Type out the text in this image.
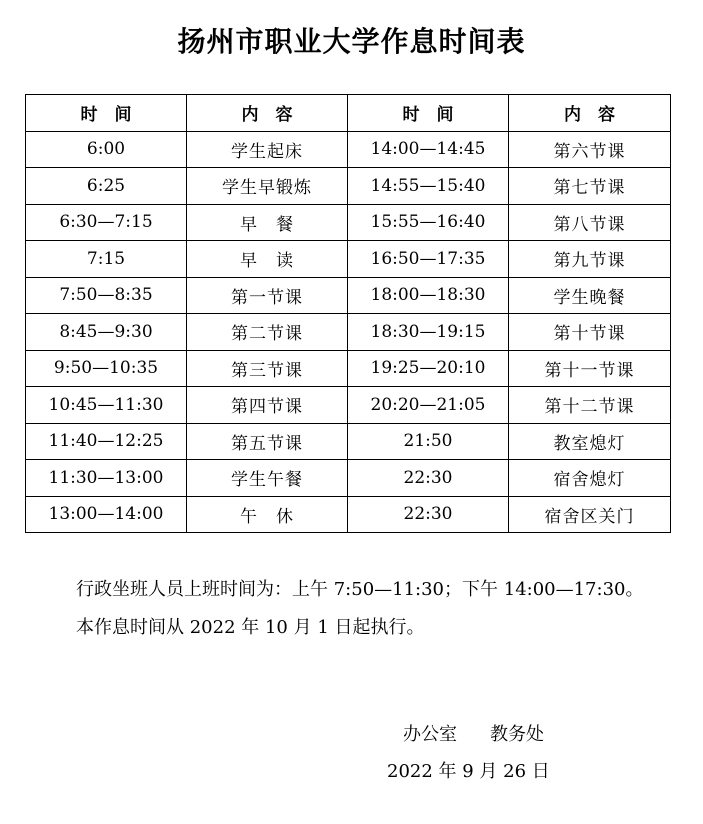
扬州市职业大学作息时间表
时　间	内　容	时　间	内　容
6:00	学生起床	14:00—14:45	第六节课
6:25	学生早锻炼	14:55—15:40	第七节课
6:30—7:15	早　餐	15:55—16:40	第八节课
7:15	早　读	16:50—17:35	第九节课
7:50—8:35	第一节课	18:00—18:30	学生晚餐
8:45—9:30	第二节课	18:30—19:15	第十节课
9:50—10:35	第三节课	19:25—20:10	第十一节课
10:45—11:30	第四节课	20:20—21:05	第十二节课
11:40—12:25	第五节课	21:50	教室熄灯
11:30—13:00	学生午餐	22:30	宿舍熄灯
13:00—14:00	午　休	22:30	宿舍区关门
行政坐班人员上班时间为：上午 7:50—11:30；下午 14:00—17:30。
本作息时间从 2022 年 10 月 1 日起执行。
办公室 教务处
2022 年 9 月 26 日
